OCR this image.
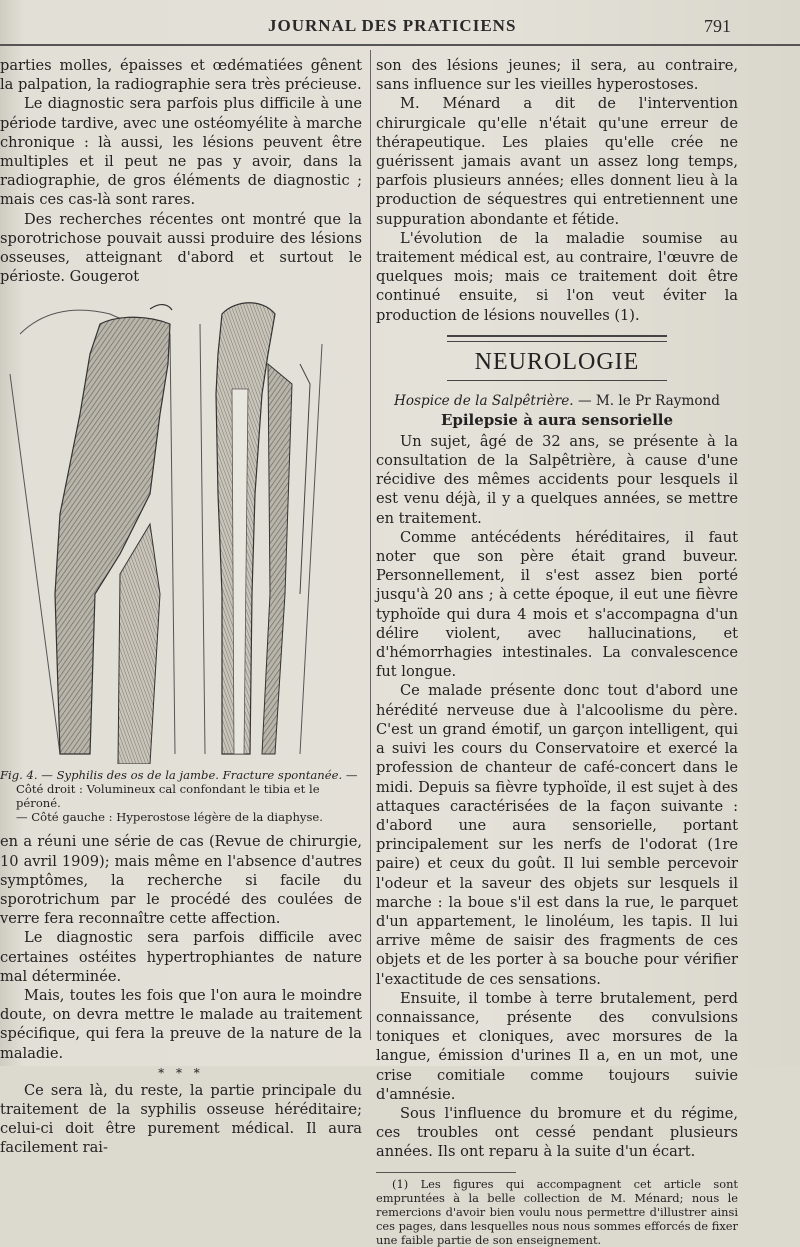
JOURNAL DES PRATICIENS	791

parties molles, épaisses et œdématiées gênent la palpation, la radiographie sera très précieuse.

Le diagnostic sera parfois plus difficile à une période tardive, avec une ostéomyélite à marche chronique : là aussi, les lésions peuvent être multiples et il peut ne pas y avoir, dans la radiographie, de gros éléments de diagnostic ; mais ces cas-là sont rares.

Des recherches récentes ont montré que la sporotrichose pouvait aussi produire des lésions osseuses, atteignant d'abord et surtout le périoste. Gougerot

Fig. 4. — Syphilis des os de la jambe. Fracture spontanée. —
Côté droit : Volumineux cal confondant le tibia et le péroné.
— Côté gauche : Hyperostose légère de la diaphyse.

en a réuni une série de cas (Revue de chirurgie, 10 avril 1909); mais même en l'absence d'autres symptômes, la recherche si facile du sporotrichum par le procédé des coulées de verre fera reconnaître cette affection.

Le diagnostic sera parfois difficile avec certaines ostéites hypertrophiantes de nature mal déterminée.

Mais, toutes les fois que l'on aura le moindre doute, on devra mettre le malade au traitement spécifique, qui fera la preuve de la nature de la maladie.

* * *

Ce sera là, du reste, la partie principale du traitement de la syphilis osseuse héréditaire; celui-ci doit être purement médical. Il aura facilement rai-

son des lésions jeunes; il sera, au contraire, sans influence sur les vieilles hyperostoses.

M. Ménard a dit de l'intervention chirurgicale qu'elle n'était qu'une erreur de thérapeutique. Les plaies qu'elle crée ne guérissent jamais avant un assez long temps, parfois plusieurs années; elles donnent lieu à la production de séquestres qui entretiennent une suppuration abondante et fétide.

L'évolution de la maladie soumise au traitement médical est, au contraire, l'œuvre de quelques mois; mais ce traitement doit être continué ensuite, si l'on veut éviter la production de lésions nouvelles (1).

NEUROLOGIE
Hospice de la Salpêtrière. — M. le Pr Raymond
Epilepsie à aura sensorielle

Un sujet, âgé de 32 ans, se présente à la consultation de la Salpêtrière, à cause d'une récidive des mêmes accidents pour lesquels il est venu déjà, il y a quelques années, se mettre en traitement.

Comme antécédents héréditaires, il faut noter que son père était grand buveur. Personnellement, il s'est assez bien porté jusqu'à 20 ans ; à cette époque, il eut une fièvre typhoïde qui dura 4 mois et s'accompagna d'un délire violent, avec hallucinations, et d'hémorrhagies intestinales. La convalescence fut longue.

Ce malade présente donc tout d'abord une hérédité nerveuse due à l'alcoolisme du père. C'est un grand émotif, un garçon intelligent, qui a suivi les cours du Conservatoire et exercé la profession de chanteur de café-concert dans le midi. Depuis sa fièvre typhoïde, il est sujet à des attaques caractérisées de la façon suivante : d'abord une aura sensorielle, portant principalement sur les nerfs de l'odorat (1re paire) et ceux du goût. Il lui semble percevoir l'odeur et la saveur des objets sur lesquels il marche : la boue s'il est dans la rue, le parquet d'un appartement, le linoléum, les tapis. Il lui arrive même de saisir des fragments de ces objets et de les porter à sa bouche pour vérifier l'exactitude de ces sensations.

Ensuite, il tombe à terre brutalement, perd connaissance, présente des convulsions toniques et cloniques, avec morsures de la langue, émission d'urines Il a, en un mot, une crise comitiale comme toujours suivie d'amnésie.

Sous l'influence du bromure et du régime, ces troubles ont cessé pendant plusieurs années. Ils ont reparu à la suite d'un écart.

(1) Les figures qui accompagnent cet article sont empruntées à la belle collection de M. Ménard; nous le remercions d'avoir bien voulu nous permettre d'illustrer ainsi ces pages, dans lesquelles nous nous sommes efforcés de fixer une faible partie de son enseignement.
